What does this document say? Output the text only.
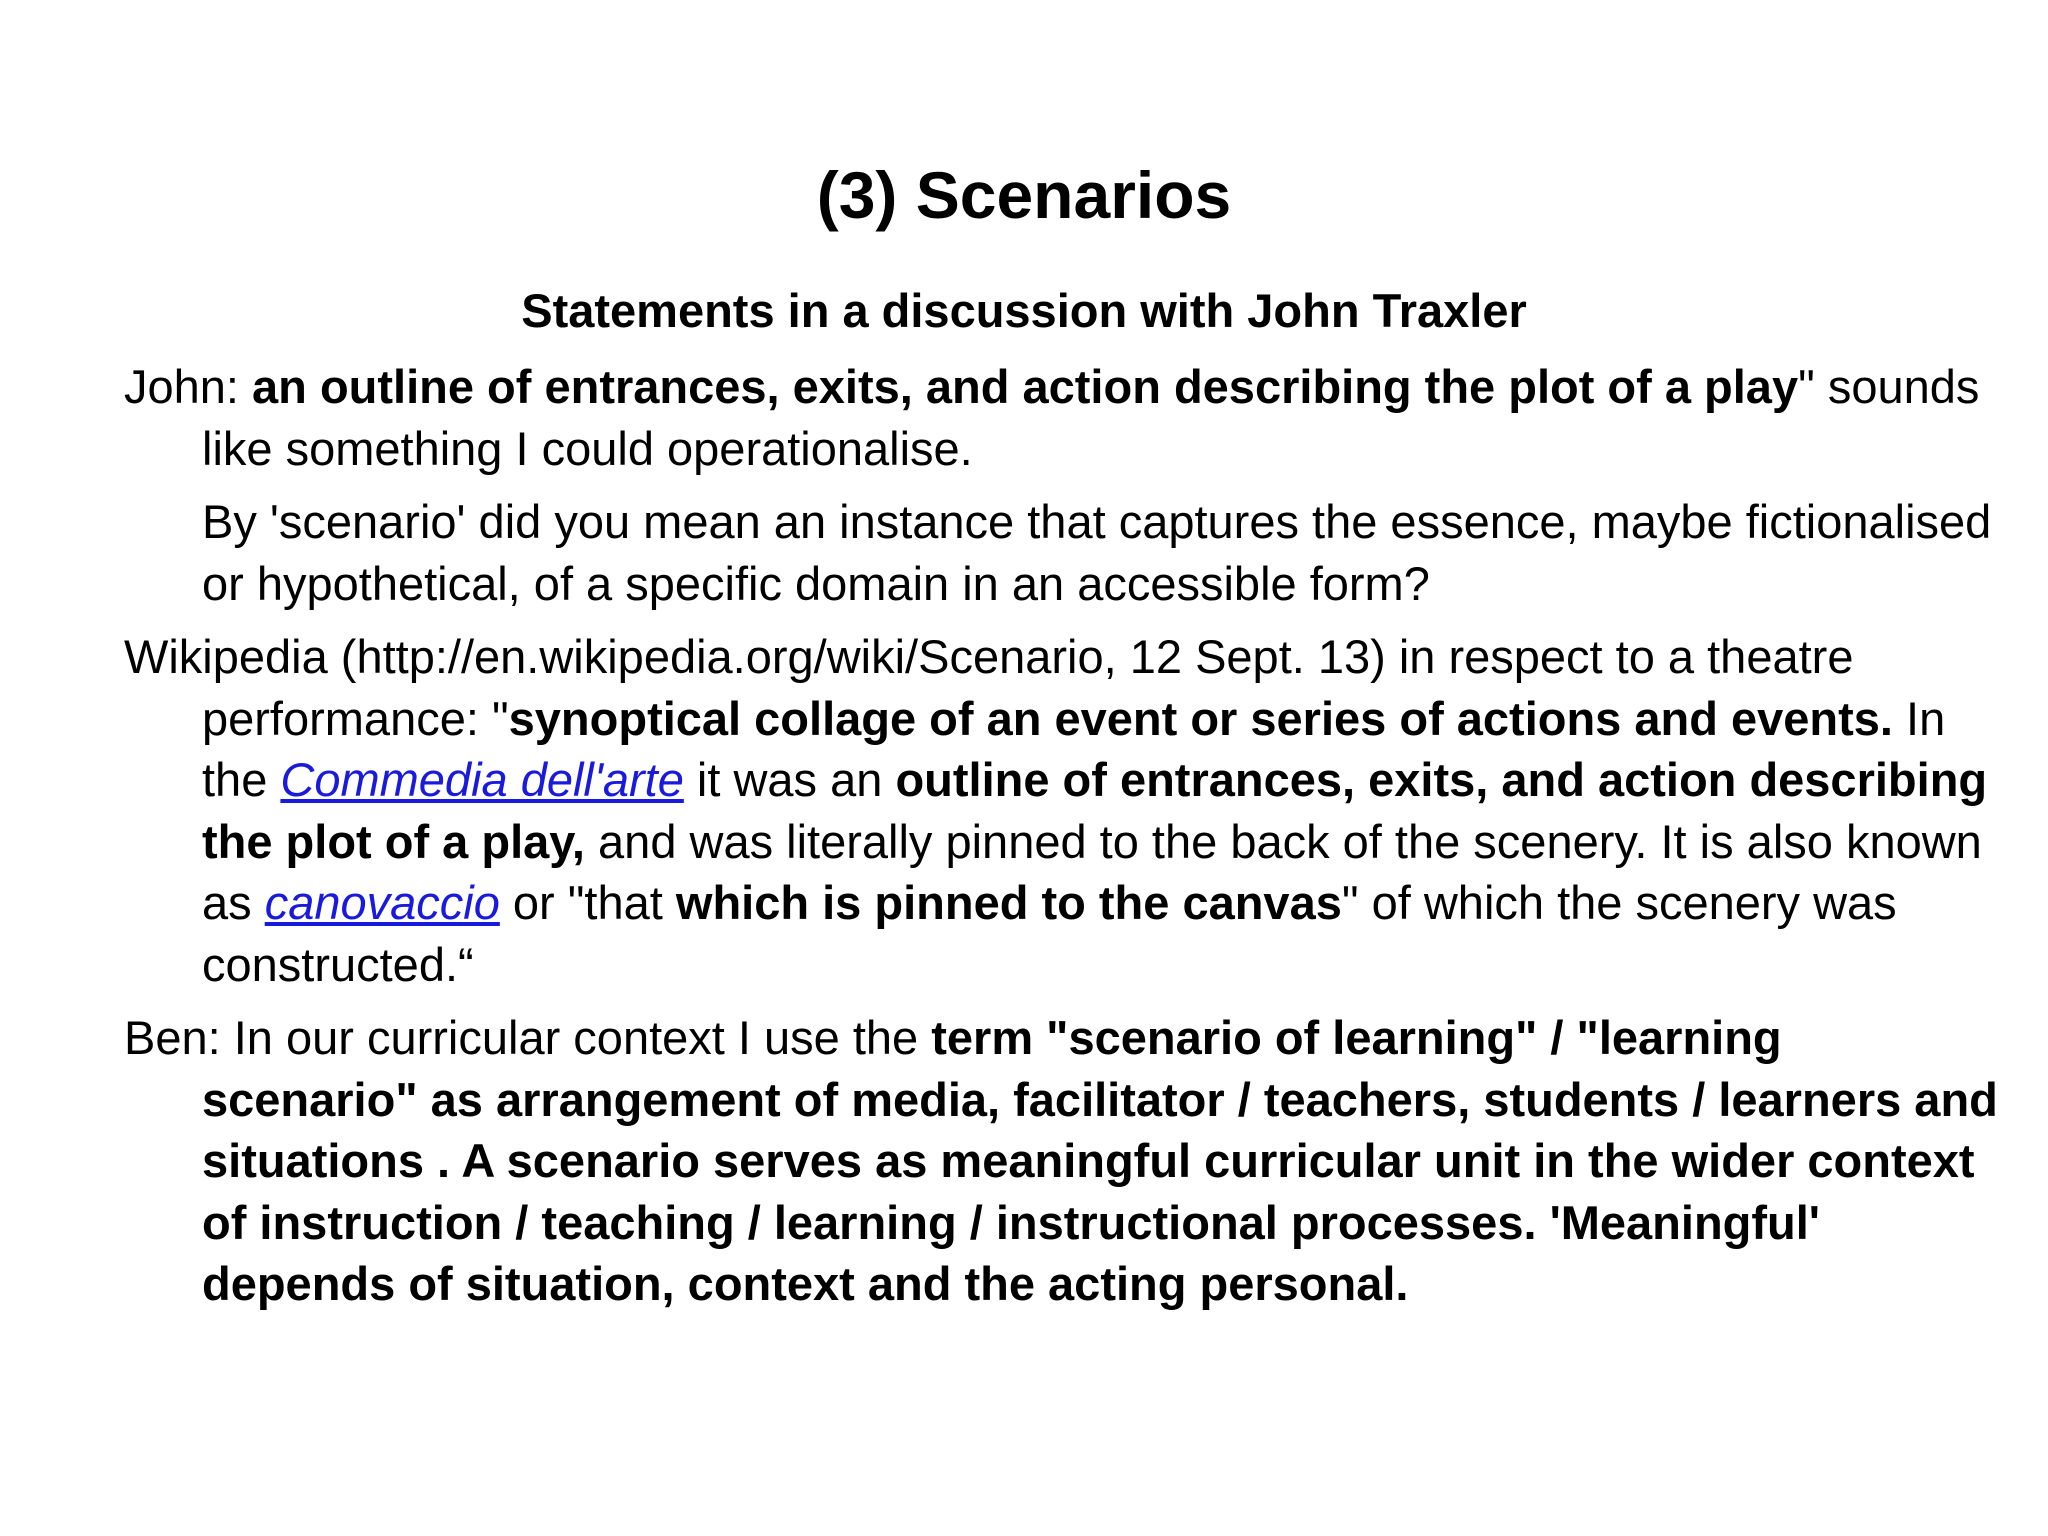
(3) Scenarios
Statements in a discussion with John Traxler

John: an outline of entrances, exits, and action describing the plot of a play" sounds like something I could operationalise.

By 'scenario' did you mean an instance that captures the essence, maybe fictionalised or hypothetical, of a specific domain in an accessible form?

Wikipedia (http://en.wikipedia.org/wiki/Scenario, 12 Sept. 13) in respect to a theatre performance: "synoptical collage of an event or series of actions and events. In the Commedia dell'arte it was an outline of entrances, exits, and action describing the plot of a play, and was literally pinned to the back of the scenery. It is also known as canovaccio or "that which is pinned to the canvas" of which the scenery was constructed.“

Ben: In our curricular context I use the term "scenario of learning" / "learning scenario" as arrangement of media, facilitator / teachers, students / learners and situations . A scenario serves as meaningful curricular unit in the wider context of instruction / teaching / learning / instructional processes. 'Meaningful' depends of situation, context and the acting personal.
